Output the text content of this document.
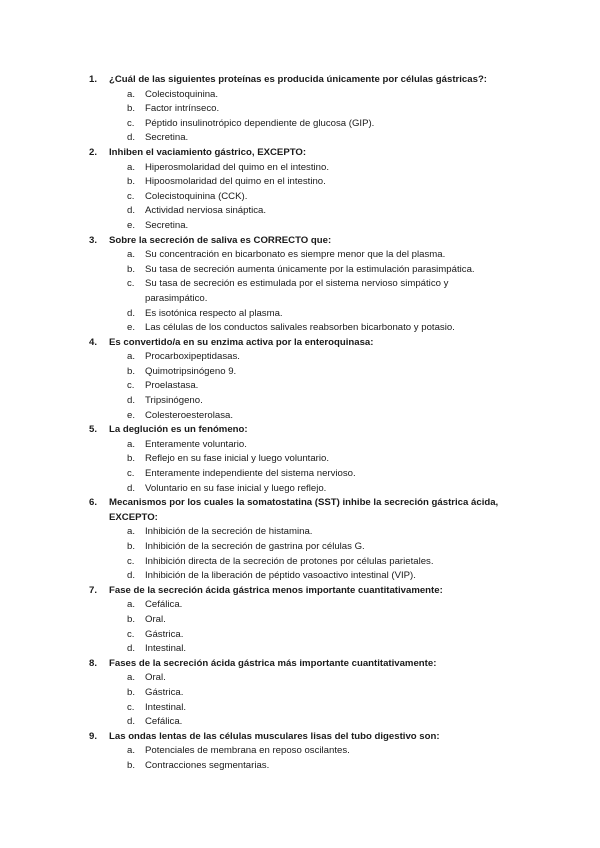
1. ¿Cuál de las siguientes proteínas es producida únicamente por células gástricas?:
a. Colecistoquinina.
b. Factor intrínseco.
c. Péptido insulinotrópico dependiente de glucosa (GIP).
d. Secretina.
2. Inhiben el vaciamiento gástrico, EXCEPTO:
a. Hiperosmolaridad del quimo en el intestino.
b. Hipoosmolaridad del quimo en el intestino.
c. Colecistoquinina (CCK).
d. Actividad nerviosa sináptica.
e. Secretina.
3. Sobre la secreción de saliva es CORRECTO que:
a. Su concentración en bicarbonato es siempre menor que la del plasma.
b. Su tasa de secreción aumenta únicamente por la estimulación parasimpática.
c. Su tasa de secreción es estimulada por el sistema nervioso simpático y parasimpático.
d. Es isotónica respecto al plasma.
e. Las células de los conductos salivales reabsorben bicarbonato y potasio.
4. Es convertido/a en su enzima activa por la enteroquinasa:
a. Procarboxipeptidasas.
b. Quimotripsinógeno 9.
c. Proelastasa.
d. Tripsinógeno.
e. Colesteroesterolasa.
5. La deglución es un fenómeno:
a. Enteramente voluntario.
b. Reflejo en su fase inicial y luego voluntario.
c. Enteramente independiente del sistema nervioso.
d. Voluntario en su fase inicial y luego reflejo.
6. Mecanismos por los cuales la somatostatina (SST) inhibe la secreción gástrica ácida, EXCEPTO:
a. Inhibición de la secreción de histamina.
b. Inhibición de la secreción de gastrina por células G.
c. Inhibición directa de la secreción de protones por células parietales.
d. Inhibición de la liberación de péptido vasoactivo intestinal (VIP).
7. Fase de la secreción ácida gástrica menos importante cuantitativamente:
a. Cefálica.
b. Oral.
c. Gástrica.
d. Intestinal.
8. Fases de la secreción ácida gástrica más importante cuantitativamente:
a. Oral.
b. Gástrica.
c. Intestinal.
d. Cefálica.
9. Las ondas lentas de las células musculares lisas del tubo digestivo son:
a. Potenciales de membrana en reposo oscilantes.
b. Contracciones segmentarias.
